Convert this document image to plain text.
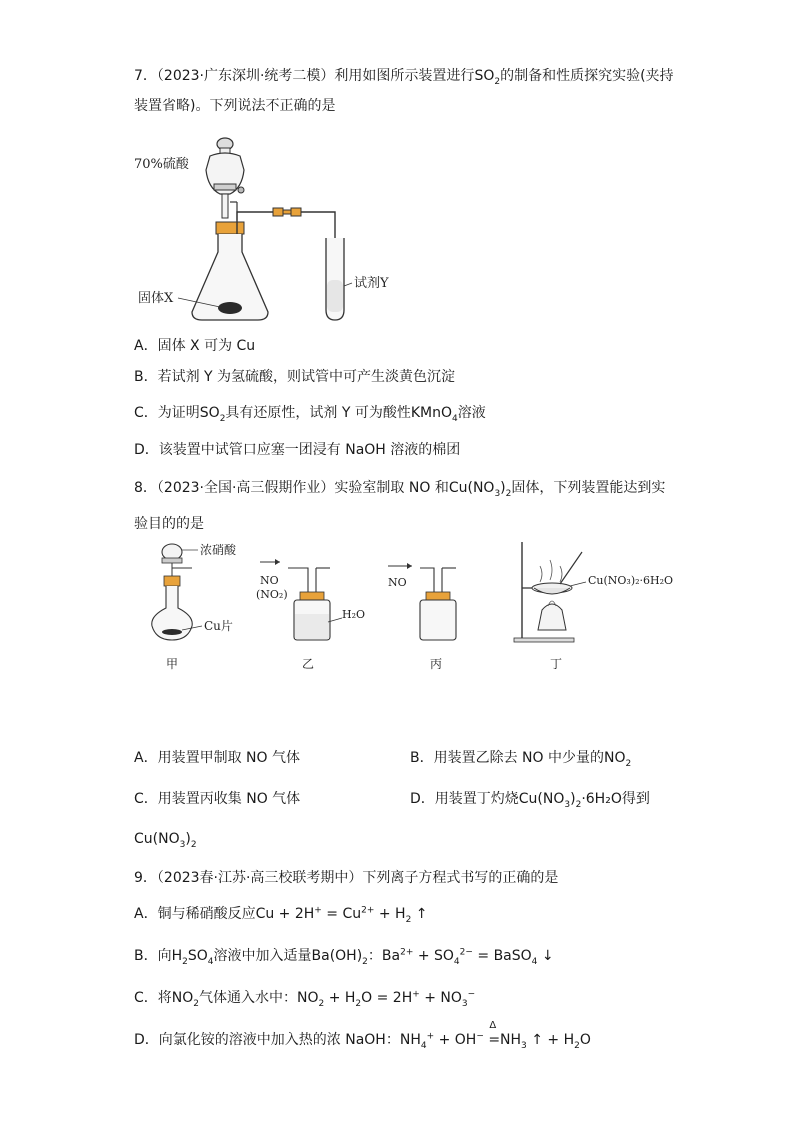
7．（2023·广东深圳·统考二模）利用如图所示装置进行$SO_2$的制备和性质探究实验(夹持
装置省略)。下列说法不正确的是
70%硫酸
固体X
试剂Y
A．固体 X 可为 Cu
B．若试剂 Y 为氢硫酸，则试管中可产生淡黄色沉淀
C．为证明$SO_2$具有还原性，试剂 Y 可为酸性KMnO$_4$溶液
D．该装置中试管口应塞一团浸有 NaOH 溶液的棉团
8．（2023·全国·高三假期作业）实验室制取 NO 和$Cu(NO_3)_2$固体，下列装置能达到实
验目的的是
浓硝酸
Cu片
甲
NO
(NO₂)
H₂O
乙
NO
丙
Cu(NO₃)₂·6H₂O
丁
A．用装置甲制取 NO 气体	B．用装置乙除去 NO 中少量的$NO_2$
C．用装置丙收集 NO 气体	D．用装置丁灼烧$Cu(NO_3)_2\cdot 6H_2O$得到
$Cu(NO_3)_2$
9．（2023春·江苏·高三校联考期中）下列离子方程式书写的正确的是
A．铜与稀硝酸反应$Cu + 2H^+ = Cu^{2+} + H_2$ ↑
B．向$H_2SO_4$溶液中加入适量$Ba(OH)_2$：$Ba^{2+} + SO_4^{2-}$ = BaSO$_4$ ↓
C．将$NO_2$气体通入水中：$NO_2 + H_2O = 2H^+ + NO_3^-$
D．向氯化铵的溶液中加入热的浓 NaOH：$NH_4^+ + OH^-$
Δ
$=NH_3$ ↑ + $H_2O$
